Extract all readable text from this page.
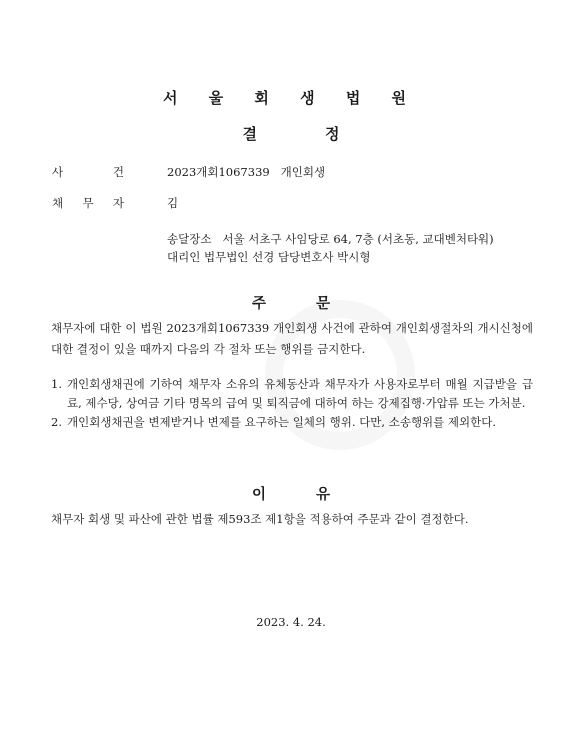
서 울 회 생 법 원
결	정
사	건	2023개회1067339 개인회생
채 무 자	김
송달장소 서울 서초구 사임당로 64, 7층 (서초동, 교대벤처타워)
대리인 법무법인 선경 담당변호사 박시형
주	문
채무자에 대한 이 법원 2023개회1067339 개인회생 사건에 관하여 개인회생절차의 개시신청에 대한 결정이 있을 때까지 다음의 각 절차 또는 행위를 금지한다.
1. 개인회생채권에 기하여 채무자 소유의 유체동산과 채무자가 사용자로부터 매월 지급받을 급료, 제수당, 상여금 기타 명목의 급여 및 퇴직금에 대하여 하는 강제집행·가압류 또는 가처분.
2. 개인회생채권을 변제받거나 변제를 요구하는 일체의 행위. 다만, 소송행위를 제외한다.
이	유
채무자 회생 및 파산에 관한 법률 제593조 제1항을 적용하여 주문과 같이 결정한다.
2023. 4. 24.
